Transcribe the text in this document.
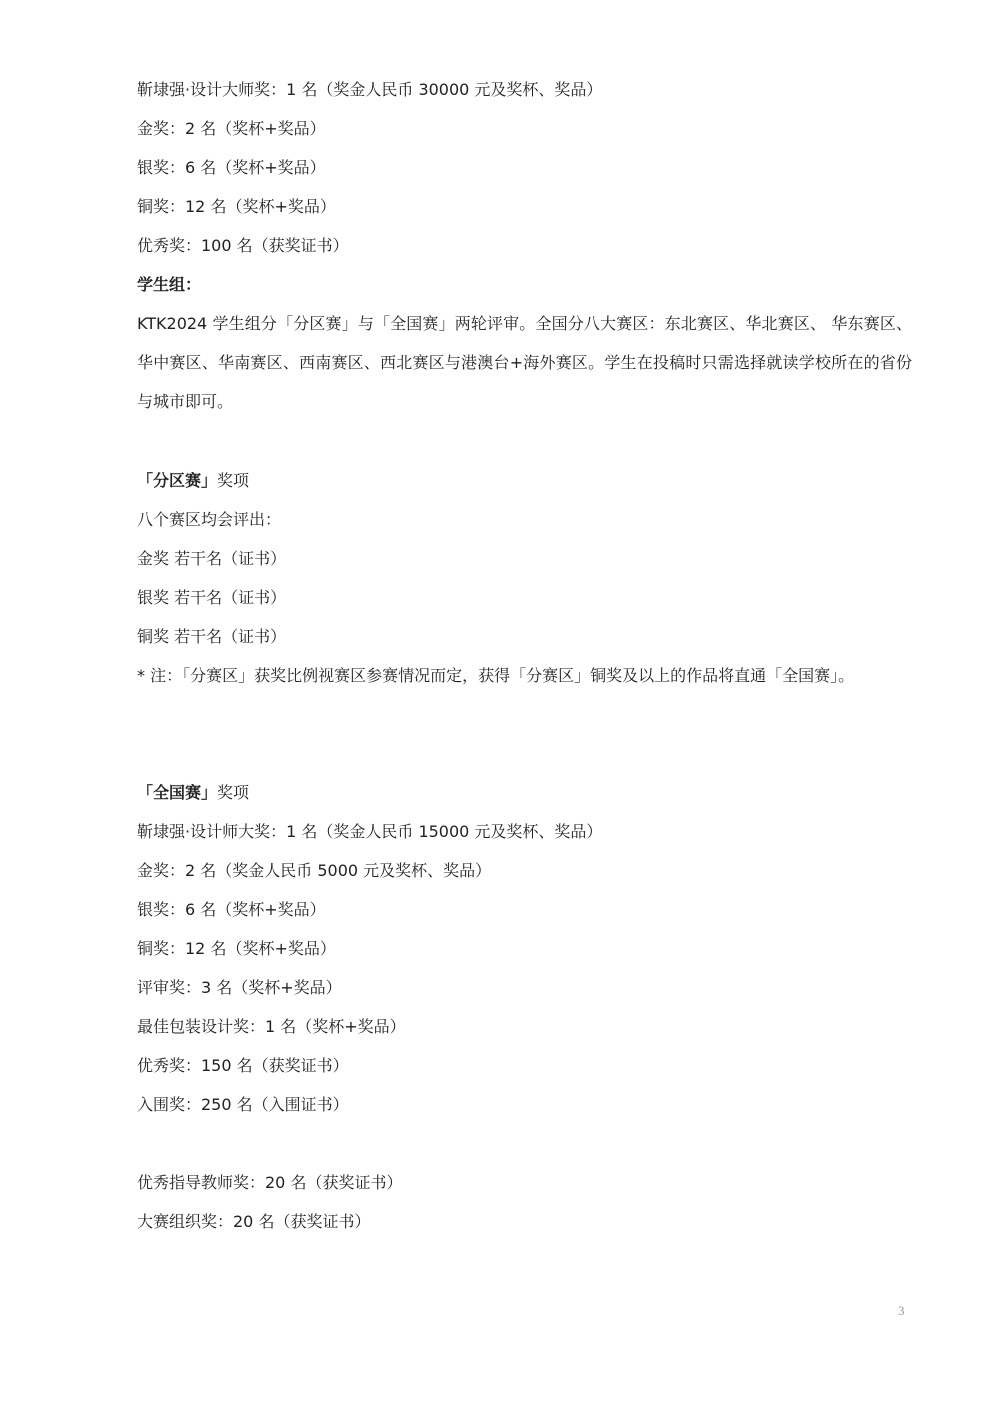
靳埭强·设计大师奖：1 名（奖金人民币 30000 元及奖杯、奖品）
金奖：2 名（奖杯+奖品）
银奖：6 名（奖杯+奖品）
铜奖：12 名（奖杯+奖品）
优秀奖：100 名（获奖证书）
学生组：
KTK2024 学生组分「分区赛」与「全国赛」两轮评审。全国分八大赛区：东北赛区、华北赛区、 华东赛区、华中赛区、华南赛区、西南赛区、西北赛区与港澳台+海外赛区。学生在投稿时只需选择就读学校所在的省份与城市即可。
「分区赛」奖项
八个赛区均会评出：
金奖 若干名（证书）
银奖 若干名（证书）
铜奖 若干名（证书）
* 注：「分赛区」获奖比例视赛区参赛情况而定，获得「分赛区」铜奖及以上的作品将直通「全国赛」。
「全国赛」奖项
靳埭强·设计师大奖：1 名（奖金人民币 15000 元及奖杯、奖品）
金奖：2 名（奖金人民币 5000 元及奖杯、奖品）
银奖：6 名（奖杯+奖品）
铜奖：12 名（奖杯+奖品）
评审奖：3 名（奖杯+奖品）
最佳包装设计奖：1 名（奖杯+奖品）
优秀奖：150 名（获奖证书）
入围奖：250 名（入围证书）
优秀指导教师奖：20 名（获奖证书）
大赛组织奖：20 名（获奖证书）
3
